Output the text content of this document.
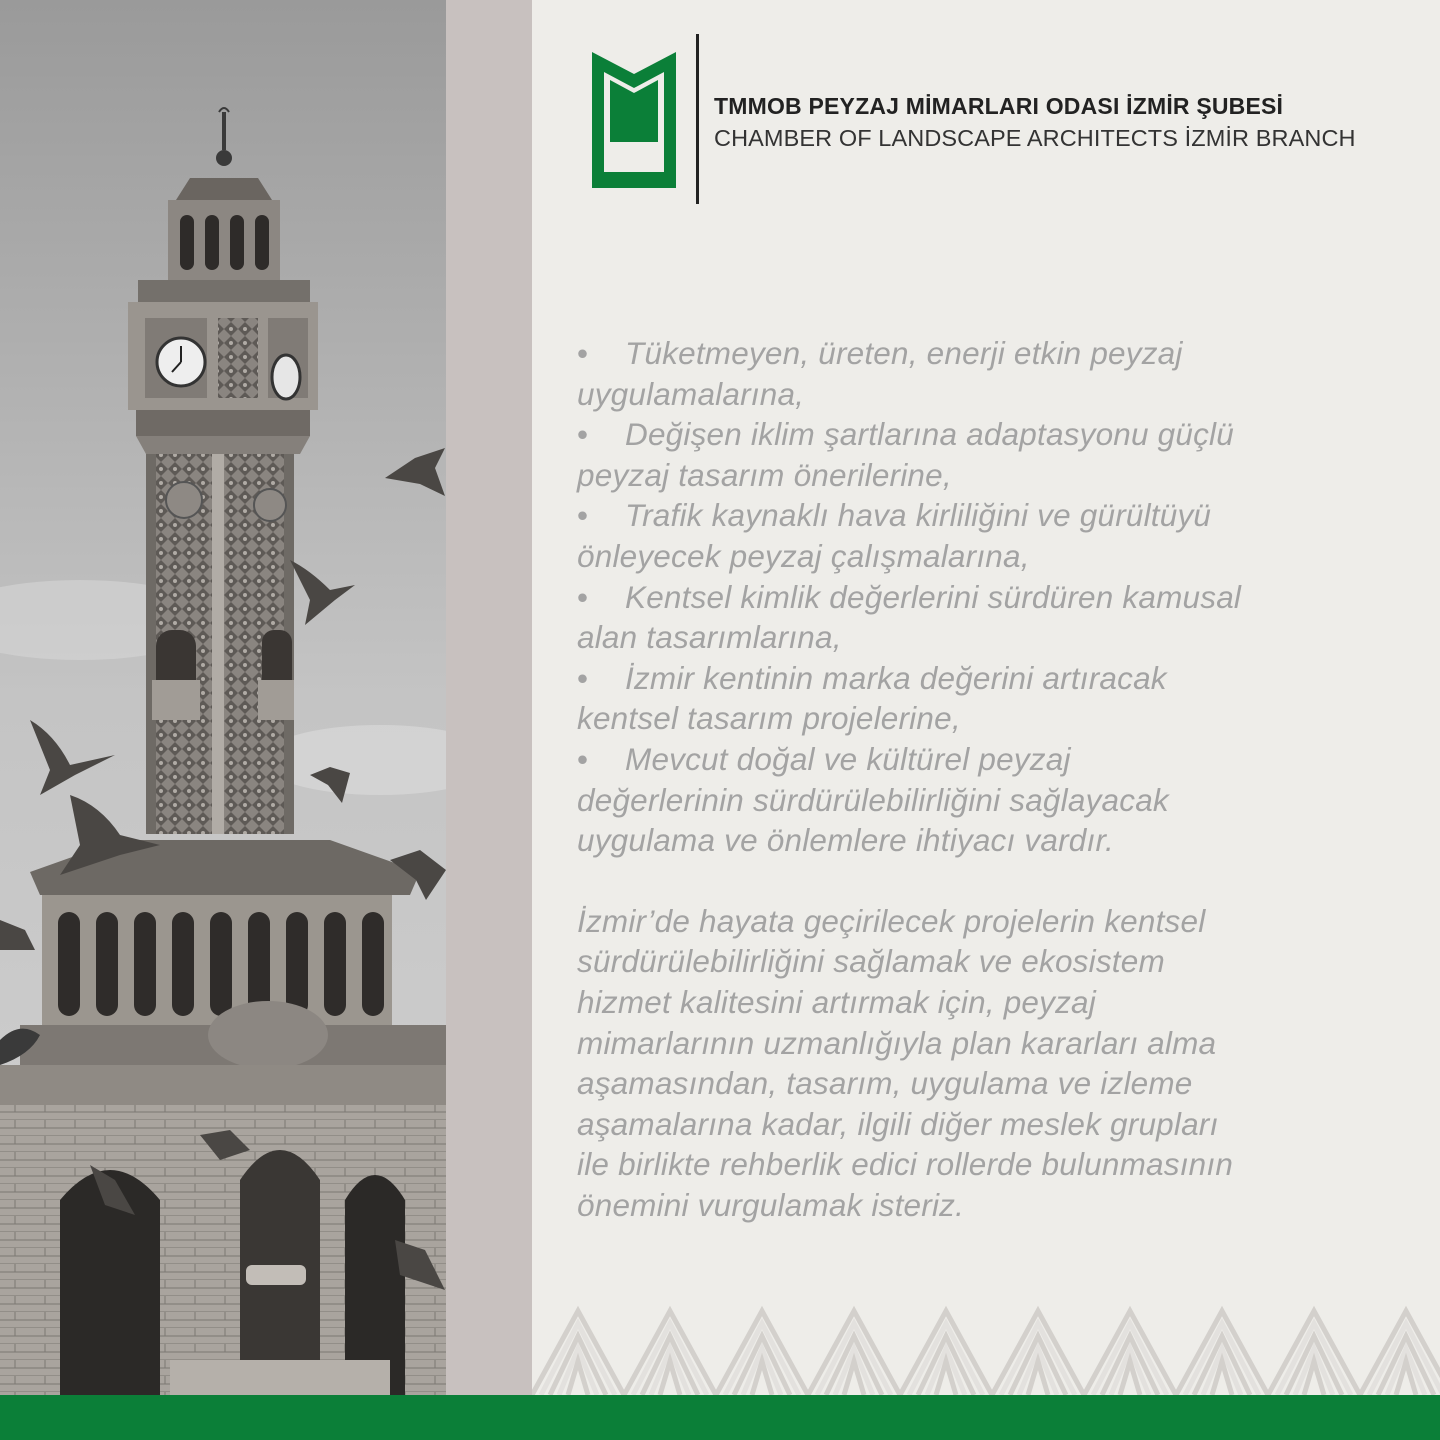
TMMOB PEYZAJ MİMARLARI ODASI İZMİR ŞUBESİ
CHAMBER OF LANDSCAPE ARCHITECTS İZMİR BRANCH

• Tüketmeyen, üreten, enerji etkin peyzaj

uygulamalarına,

• Değişen iklim şartlarına adaptasyonu güçlü

peyzaj tasarım önerilerine,

• Trafik kaynaklı hava kirliliğini ve gürültüyü

önleyecek peyzaj çalışmalarına,

• Kentsel kimlik değerlerini sürdüren kamusal

alan tasarımlarına,

• İzmir kentinin marka değerini artıracak

kentsel tasarım projelerine,

• Mevcut doğal ve kültürel peyzaj

değerlerinin sürdürülebilirliğini sağlayacak

uygulama ve önlemlere ihtiyacı vardır.

İzmir’de hayata geçirilecek projelerin kentsel

sürdürülebilirliğini sağlamak ve ekosistem

hizmet kalitesini artırmak için, peyzaj

mimarlarının uzmanlığıyla plan kararları alma

aşamasından, tasarım, uygulama ve izleme

aşamalarına kadar, ilgili diğer meslek grupları

ile birlikte rehberlik edici rollerde bulunmasının

önemini vurgulamak isteriz.
